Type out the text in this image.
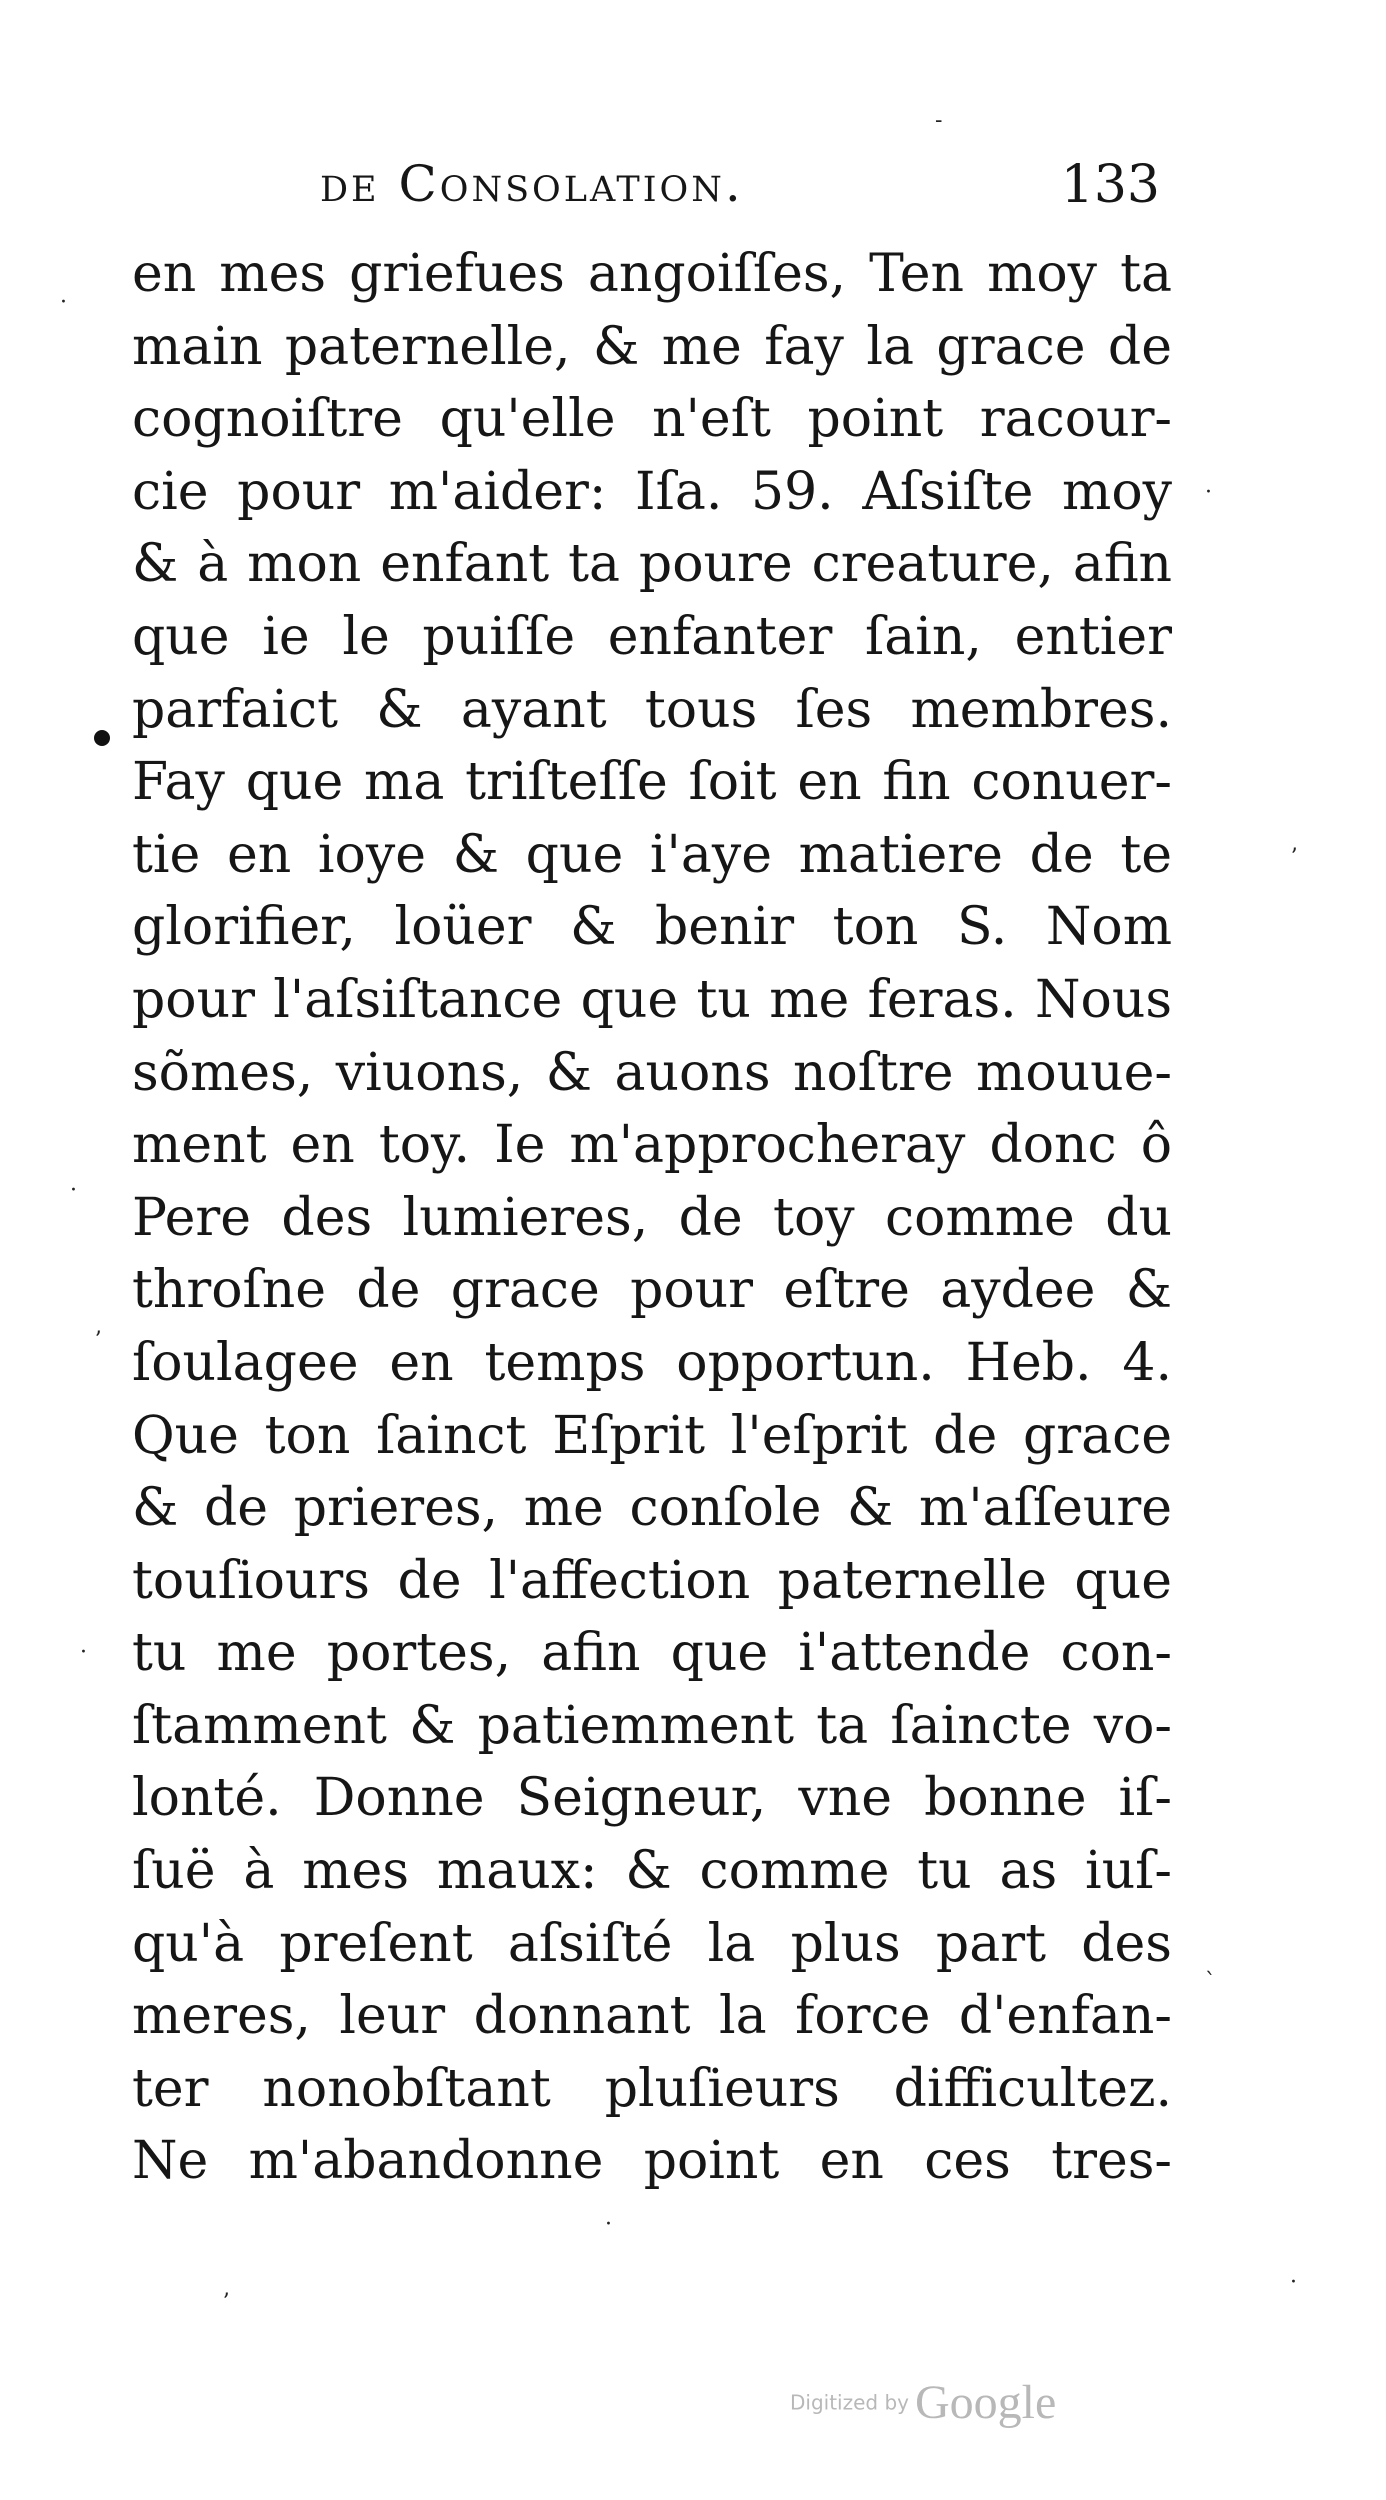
de Consolation.	133
en mes griefues angoiſſes, Ten moy ta
main paternelle, & me fay la grace de
cognoiſtre qu'elle n'eſt point racour-
cie pour m'aider: Iſa. 59. Aſsiſte moy
& à mon enfant ta poure creature, afin
que ie le puiſſe enfanter ſain, entier
parfaict & ayant tous ſes membres.
Fay que ma triſteſſe ſoit en fin conuer-
tie en ioye & que i'aye matiere de te
glorifier, loüer & benir ton S. Nom
pour l'aſsiſtance que tu me feras. Nous
sõmes, viuons, & auons noſtre mouue-
ment en toy. Ie m'approcheray donc ô
Pere des lumieres, de toy comme du
throſne de grace pour eſtre aydee &
ſoulagee en temps opportun. Heb. 4.
Que ton ſainct Eſprit l'eſprit de grace
& de prieres, me conſole & m'aſſeure
touſiours de l'affection paternelle que
tu me portes, afin que i'attende con-
ſtamment & patiemment ta ſaincte vo-
lonté. Donne Seigneur, vne bonne iſ-
ſuë à mes maux: & comme tu as iuſ-
qu'à preſent aſsiſté la plus part des
meres, leur donnant la force d'enfan-
ter nonobſtant pluſieurs difficultez.
Ne m'abandonne point en ces tres-
·
·
ʼ
·
ʼ
·
`
·
ʼ
·
-
Digitized by Google
